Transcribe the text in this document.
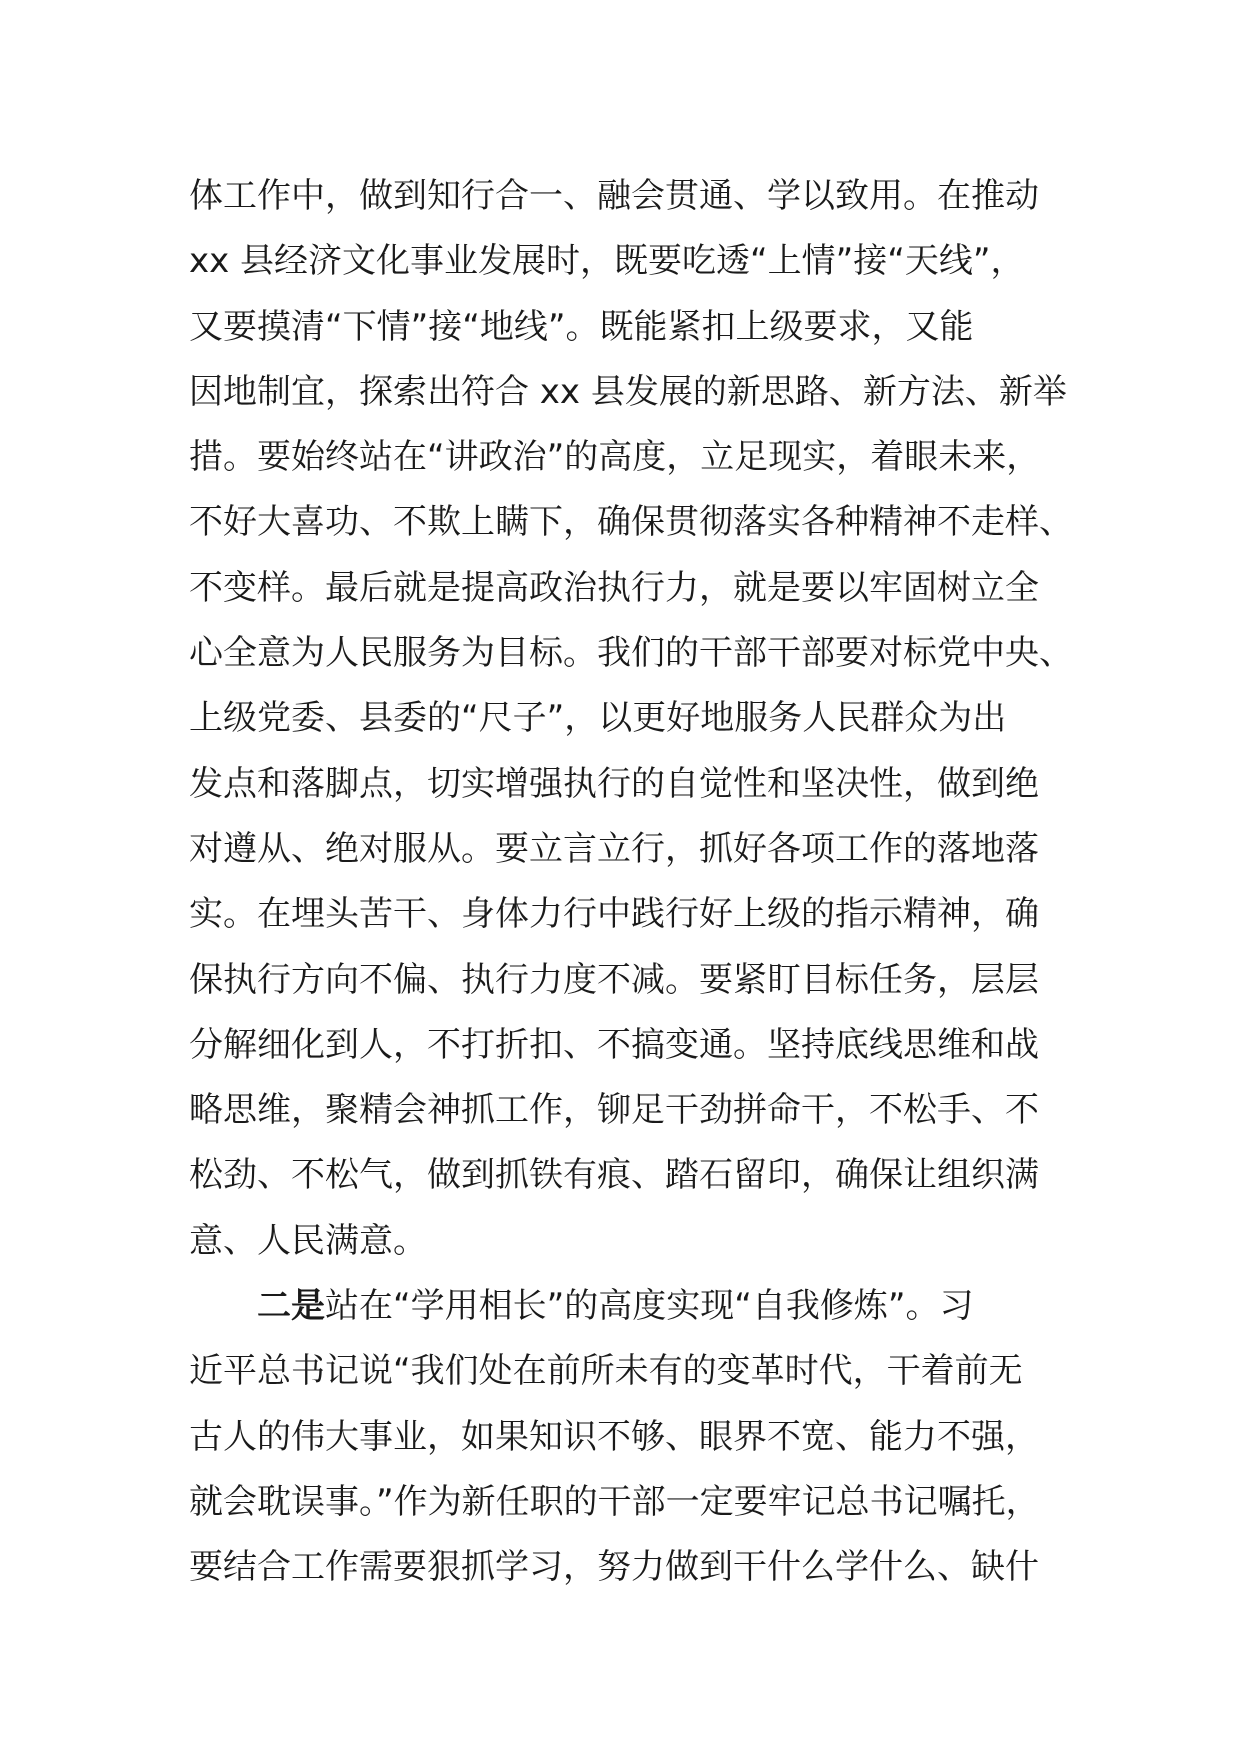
体工作中，做到知行合一、融会贯通、学以致用。在推动
xx 县经济文化事业发展时，既要吃透“上情”接“天线”，
又要摸清“下情”接“地线”。既能紧扣上级要求，又能
因地制宜，探索出符合 xx 县发展的新思路、新方法、新举
措。要始终站在“讲政治”的高度，立足现实，着眼未来，
不好大喜功、不欺上瞒下，确保贯彻落实各种精神不走样、
不变样。最后就是提高政治执行力，就是要以牢固树立全
心全意为人民服务为目标。我们的干部干部要对标党中央、
上级党委、县委的“尺子”，以更好地服务人民群众为出
发点和落脚点，切实增强执行的自觉性和坚决性，做到绝
对遵从、绝对服从。要立言立行，抓好各项工作的落地落
实。在埋头苦干、身体力行中践行好上级的指示精神，确
保执行方向不偏、执行力度不减。要紧盯目标任务，层层
分解细化到人，不打折扣、不搞变通。坚持底线思维和战
略思维，聚精会神抓工作，铆足干劲拼命干，不松手、不
松劲、不松气，做到抓铁有痕、踏石留印，确保让组织满
意、人民满意。
二是站在“学用相长”的高度实现“自我修炼”。习
近平总书记说“我们处在前所未有的变革时代，干着前无
古人的伟大事业，如果知识不够、眼界不宽、能力不强，
就会耽误事。”作为新任职的干部一定要牢记总书记嘱托，
要结合工作需要狠抓学习，努力做到干什么学什么、缺什
